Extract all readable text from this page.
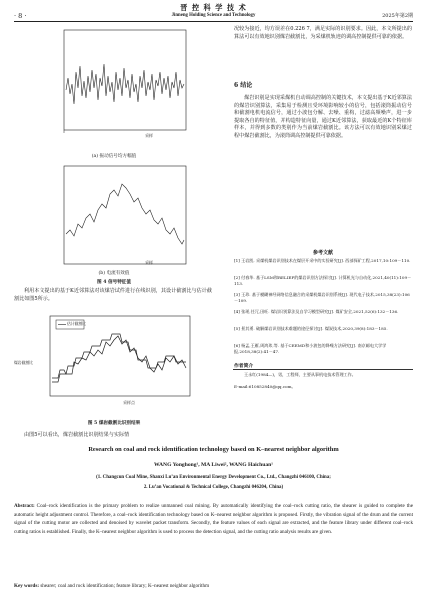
晋 控 科 学 技 术
Jinneng Holding Science and Technology
· 8 ·	2025年第2期
采样
(a) 振动信号均方幅值
采样
(b) 电流有效值
图 4 信号特征值
利用本文提出的基于K近邻算法对该煤岩试件进行在线识别，其设计截割比与估计截割比如图5所示。
估计截割比
煤岩截割比
采样点
图 5 煤岩截割比识别结果
由图5可以看出，煤岩截割比识别结果与实际情
况较为接近，均方误差在0.226 7，满足实际的识别要求。因此，本文所提出的算法可以有效地识别煤岩截割比，为采煤机轨迹的调高控制提供可靠的依据。
6 结论
煤岩识别是实现采煤机自动调高控制的关键技术，本文提出基于K近邻算法的煤岩识别算法，采集易于检测且受环境影响较小的信号，包括滚筒振动信号和截割电机电流信号，通过小波包分解、去噪、重构，过滤高频噪声，进一步提取各自的特征值，并构造特征向量，通过K近邻算法，获取最近的K个特征库样本，并得到多数的类别作为当前煤岩截割比。该方法可以有效地识别采煤过程中煤岩截割比，为滚筒调高控制提供可靠依据。
参考文献
[1] 王岩凯. 采煤机煤岩识别技术在煤层开采中的实验研究[J]. 西部探矿工程,2017,10:109－110.
[2] 付春华. 基于LSM和RELIEF的煤岩识别方法探讨[J]. 计算机光与自动化,2021,40(11):109－113.
[3] 王珍. 基于模糊神经网络信息融合的采煤机煤岩识别系统[J]. 现代电子技术,2015,38(23):106－109.
[4] 张瑶,任冗,田旺. 煤岩识别算法及自学习模型研究[J]. 煤矿安全,2021,52(6):132－136.
[5] 景其勇. 破解煤岩识别技术难题的途径探讨[J]. 煤炭技术,2020,39(8):183－185.
[6] 杨孟,王雁,周鸿玮,等. 基于CEEMD和小波包的降噪方法研究[J]. 南京邮电大学学报,2018,38(2):41－47.
作者简介
王永红(1984—)，男，工程师，主要从事机电技术管理工作。
E-mail:610852840@qq.com。
Research on coal and rock identification technology based on K–nearest neighbor algorithm
WANG Yonghong¹, MA Liwei², WANG Haichuan¹
(1. Changcun Coal Mine, Shanxi Lu’an Environmental Energy Development Co., Ltd., Changzhi 046100, China;
2. Lu’an Vocational & Technical College, Changzhi 046204, China)
Abstract: Coal–rock identification is the primary problem to realize unmanned coal mining. By automatically identifying the coal–rock cutting ratio, the shearer is guided to complete the automatic height adjustment control. Therefore, a coal–rock identification technology based on K–nearest neighbor algorithm is proposed. Firstly, the vibration signal of the drum and the current signal of the cutting motor are collected and denoised by wavelet packet transform. Secondly, the feature values of each signal are extracted, and the feature library under different coal–rock cutting ratios is established. Finally, the K–nearest neighbor algorithm is used to process the detection signal, and the cutting ratio analysis results are given.
Key words: shearer; coal and rock identification; feature library; K–nearest neighbor algorithm
